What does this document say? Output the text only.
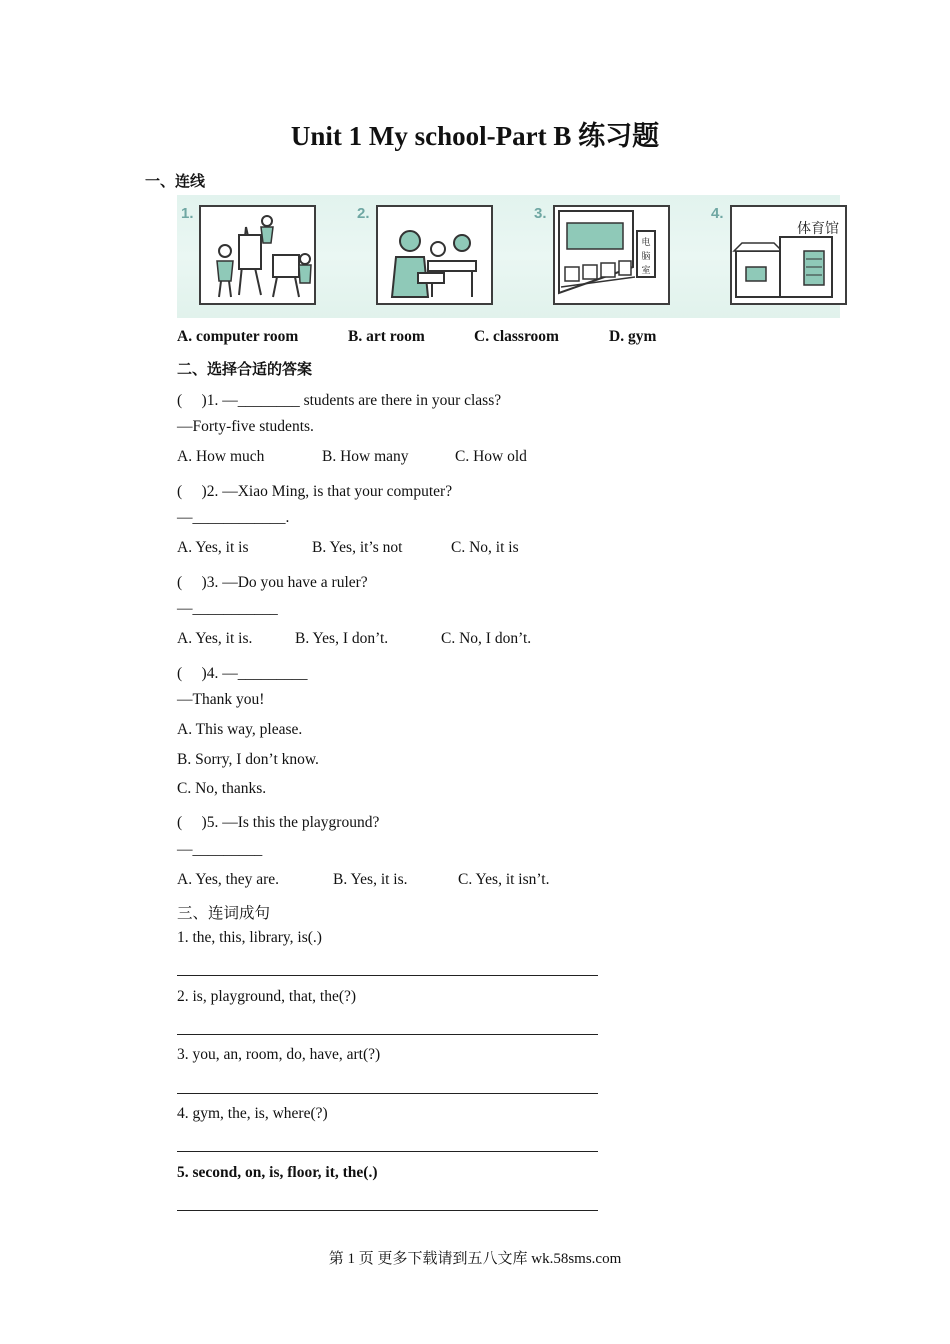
Unit 1 My school-Part B 练习题
一、连线
1.	2.	3.
电
脑
室
4.
体育馆
A. computer room	B. art room	C. classroom	D. gym
二、选择合适的答案
(　 )1. —________ students are there in your class?
—Forty-five students.
A. How much	B. How many	C. How old
(　 )2. —Xiao Ming, is that your computer?
—____________.
A. Yes, it is	B. Yes, it’s not	C. No, it is
(　 )3. —Do you have a ruler?
—___________
A. Yes, it is.	B. Yes, I don’t.	C. No, I don’t.
(　 )4. —_________
—Thank you!
A. This way, please.
B. Sorry, I don’t know.
C. No, thanks.
(　 )5. —Is this the playground?
—_________
A. Yes, they are.	B. Yes, it is.	C. Yes, it isn’t.
三、连词成句
1. the, this, library, is(.)
2. is, playground, that, the(?)
3. you, an, room, do, have, art(?)
4. gym, the, is, where(?)
5. second, on, is, floor, it, the(.)
第 1 页 更多下载请到五八文库 wk.58sms.com
